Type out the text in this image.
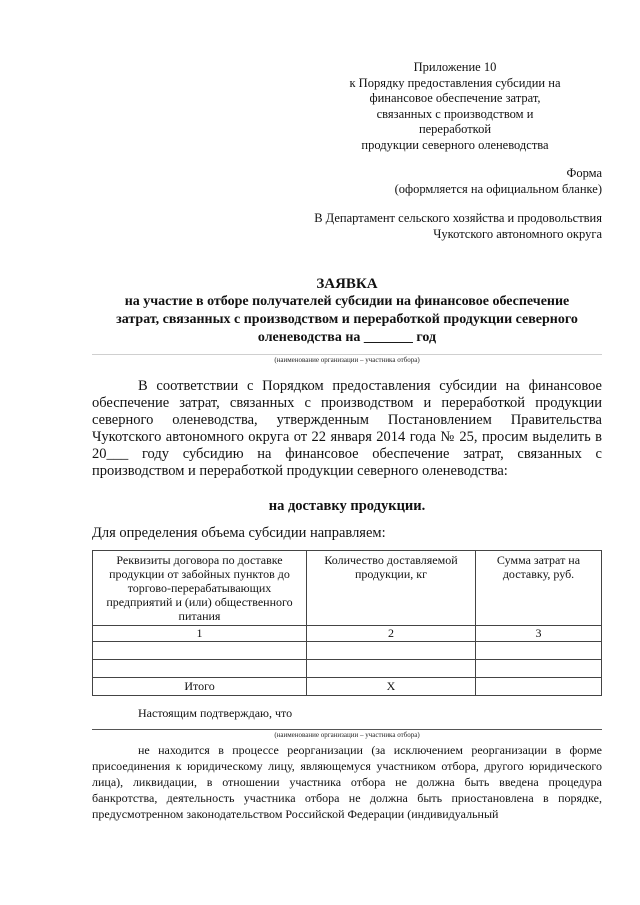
Приложение 10
к Порядку предоставления субсидии на
финансовое обеспечение затрат,
связанных с производством и
переработкой
продукции северного оленеводства
Форма
(оформляется на официальном бланке)
В Департамент сельского хозяйства и продовольствия
Чукотского автономного округа
ЗАЯВКА
на участие в отборе получателей субсидии на финансовое обеспечение
затрат, связанных с производством и переработкой продукции северного
оленеводства на _______ год
(наименование организации – участника отбора)
В соответствии с Порядком предоставления субсидии на финансовое обеспечение затрат, связанных с производством и переработкой продукции северного оленеводства, утвержденным Постановлением Правительства Чукотского автономного округа от 22 января 2014 года № 25, просим выделить в 20___ году субсидию на финансовое обеспечение затрат, связанных с производством и переработкой продукции северного оленеводства:
на доставку продукции.
Для определения объема субсидии направляем:
Реквизиты договора по доставке продукции от забойных пунктов до торгово-перерабатывающих предприятий и (или) общественного питания	Количество доставляемой продукции, кг	Сумма затрат на доставку, руб.
1	2	3

Итого	Х	
Настоящим подтверждаю, что
(наименование организации – участника отбора)
не находится в процессе реорганизации (за исключением реорганизации в форме присоединения к юридическому лицу, являющемуся участником отбора, другого юридического лица), ликвидации, в отношении участника отбора не должна быть введена процедура банкротства, деятельность участника отбора не должна быть приостановлена в порядке, предусмотренном законодательством Российской Федерации (индивидуальный
